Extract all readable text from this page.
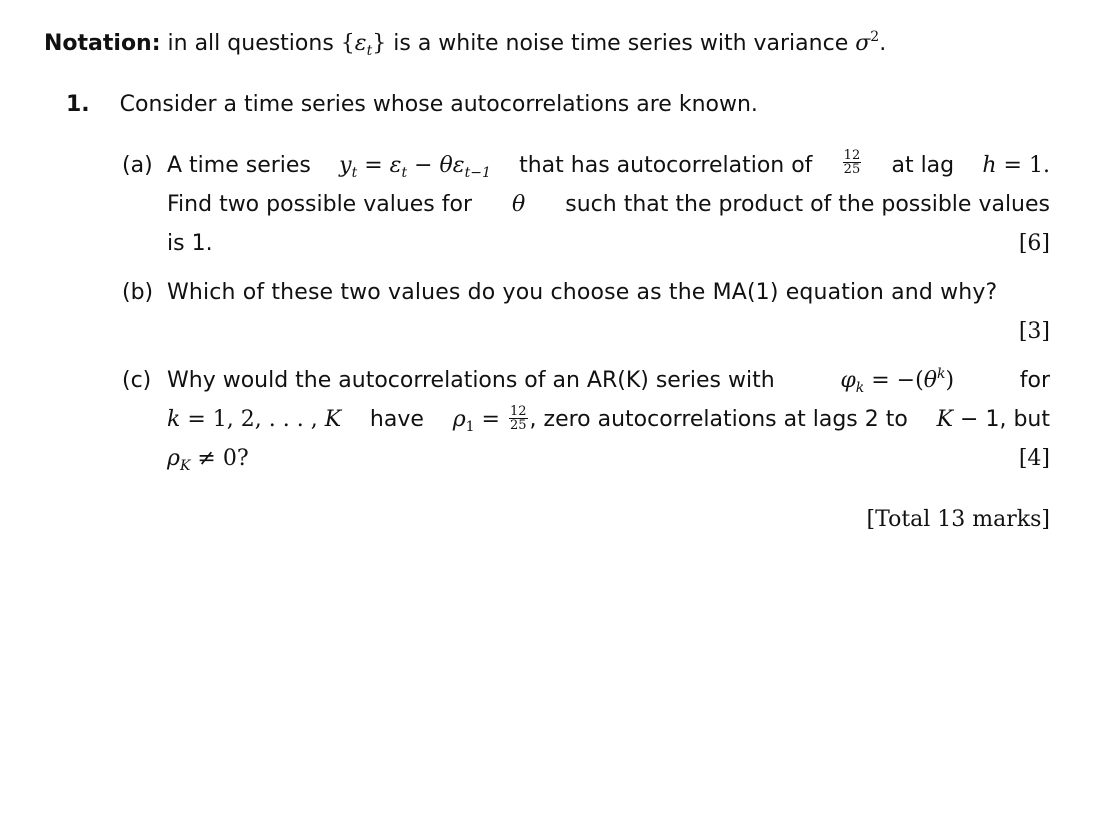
Notation: in all questions $\{\varepsilon_t\}$ is a white noise time series with variance $\sigma^2$.
1. Consider a time series whose autocorrelations are known.
(a) A time series $y_t = \varepsilon_t - \theta\varepsilon_{t-1}$ that has autocorrelation of $\frac{12}{25}$ at lag h = 1.
Find two possible values for θ such that the product of the possible values
is 1.	[6]
(b) Which of these two values do you choose as the MA(1) equation and why?
[3]
(c) Why would the autocorrelations of an AR(K) series with	$\varphi_k = -(\theta^k)$	for
k = 1, 2, . . . , K have $\rho_1 = \frac{12}{25}$ , zero autocorrelations at lags 2 to K − 1, but
$\rho_K \ne 0$?	[4]
[Total 13 marks]
